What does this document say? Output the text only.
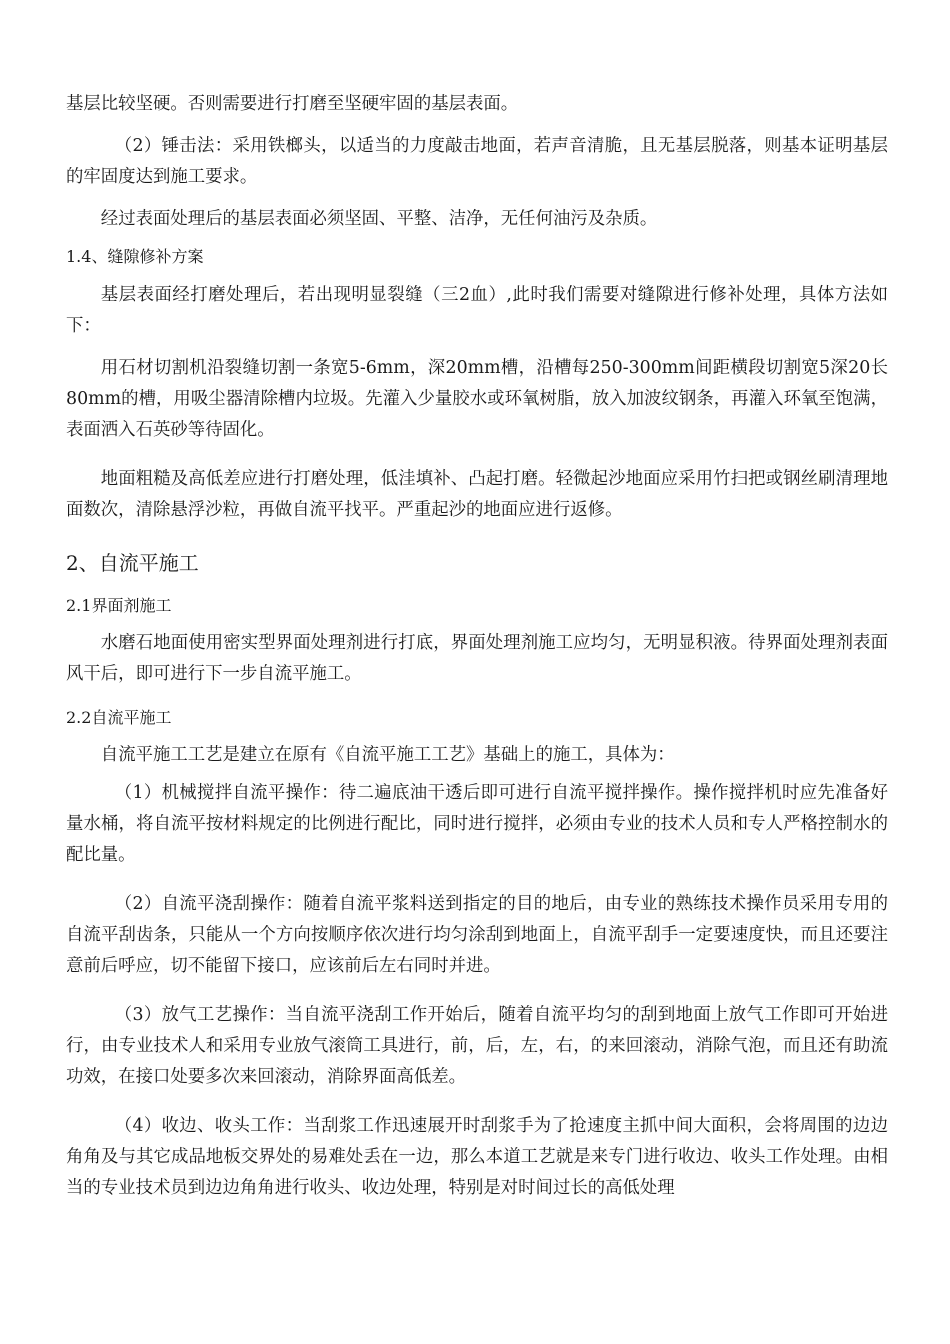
基层比较坚硬。否则需要进行打磨至坚硬牢固的基层表面。

（2）锤击法：采用铁榔头，以适当的力度敲击地面，若声音清脆，且无基层脱落，则基本证明基层的牢固度达到施工要求。

经过表面处理后的基层表面必须坚固、平整、洁净，无任何油污及杂质。

1.4、缝隙修补方案

基层表面经打磨处理后，若出现明显裂缝（三2血）,此时我们需要对缝隙进行修补处理，具体方法如下：

用石材切割机沿裂缝切割一条宽5-6mm，深20mm槽，沿槽每250-300mm间距横段切割宽5深20长80mm的槽，用吸尘器清除槽内垃圾。先灌入少量胶水或环氧树脂，放入加波纹钢条，再灌入环氧至饱满，表面洒入石英砂等待固化。

地面粗糙及高低差应进行打磨处理，低洼填补、凸起打磨。轻微起沙地面应采用竹扫把或钢丝刷清理地面数次，清除悬浮沙粒，再做自流平找平。严重起沙的地面应进行返修。

2、自流平施工
2.1界面剂施工

水磨石地面使用密实型界面处理剂进行打底，界面处理剂施工应均匀，无明显积液。待界面处理剂表面风干后，即可进行下一步自流平施工。

2.2自流平施工

自流平施工工艺是建立在原有《自流平施工工艺》基础上的施工，具体为：

（1）机械搅拌自流平操作：待二遍底油干透后即可进行自流平搅拌操作。操作搅拌机时应先准备好量水桶，将自流平按材料规定的比例进行配比，同时进行搅拌，必须由专业的技术人员和专人严格控制水的配比量。

（2）自流平浇刮操作：随着自流平浆料送到指定的目的地后，由专业的熟练技术操作员采用专用的自流平刮齿条，只能从一个方向按顺序依次进行均匀涂刮到地面上，自流平刮手一定要速度快，而且还要注意前后呼应，切不能留下接口，应该前后左右同时并进。

（3）放气工艺操作：当自流平浇刮工作开始后，随着自流平均匀的刮到地面上放气工作即可开始进行，由专业技术人和采用专业放气滚筒工具进行，前，后，左，右，的来回滚动，消除气泡，而且还有助流功效，在接口处要多次来回滚动，消除界面高低差。

（4）收边、收头工作：当刮浆工作迅速展开时刮浆手为了抢速度主抓中间大面积，会将周围的边边角角及与其它成品地板交界处的易难处丢在一边，那么本道工艺就是来专门进行收边、收头工作处理。由相当的专业技术员到边边角角进行收头、收边处理，特别是对时间过长的高低处理
